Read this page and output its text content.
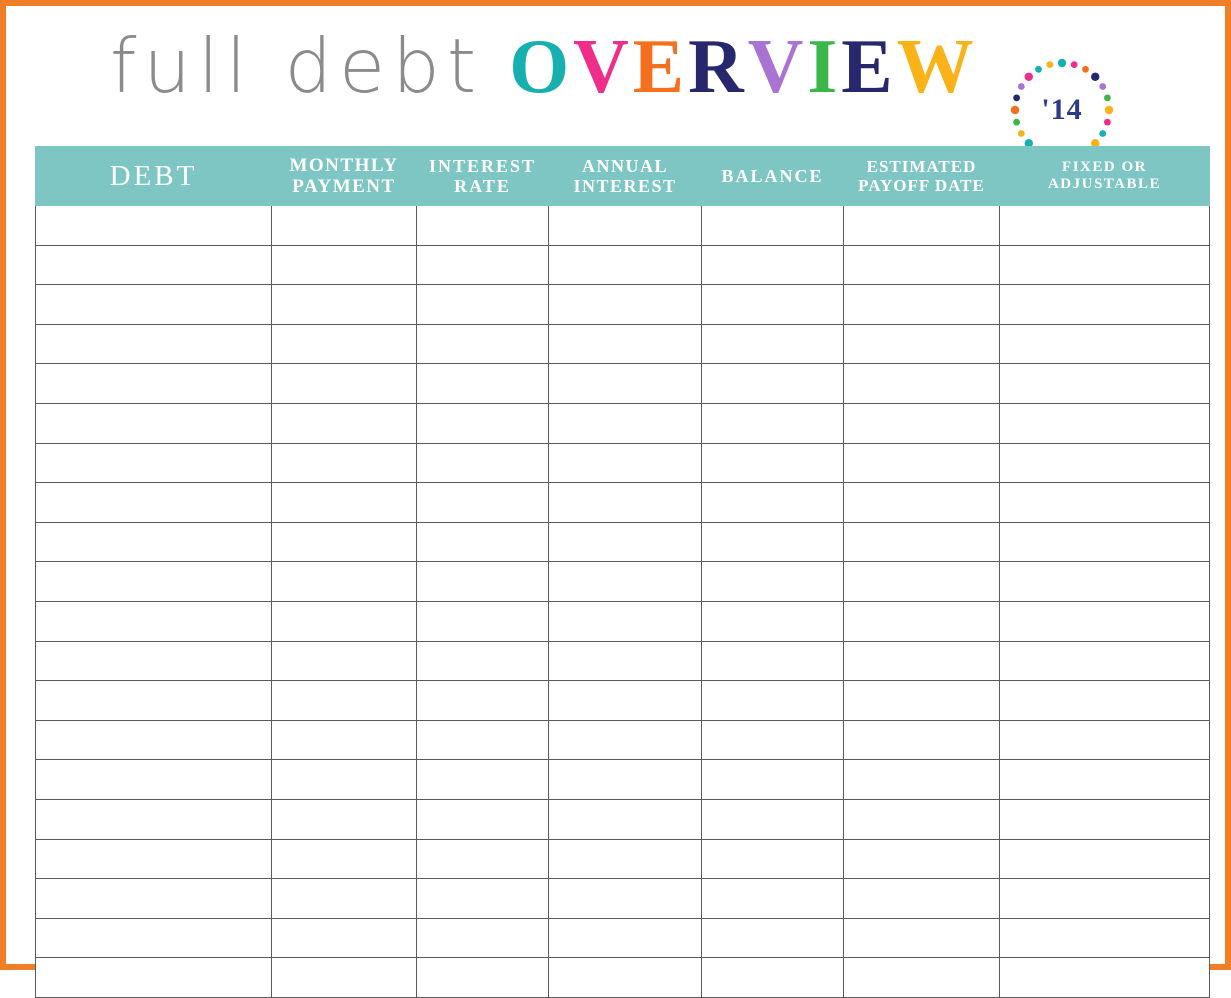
full debt OVERVIEW
'14
DEBT	MONTHLY PAYMENT	INTEREST RATE	ANNUAL INTEREST	BALANCE	ESTIMATED PAYOFF DATE	FIXED OR ADJUSTABLE
